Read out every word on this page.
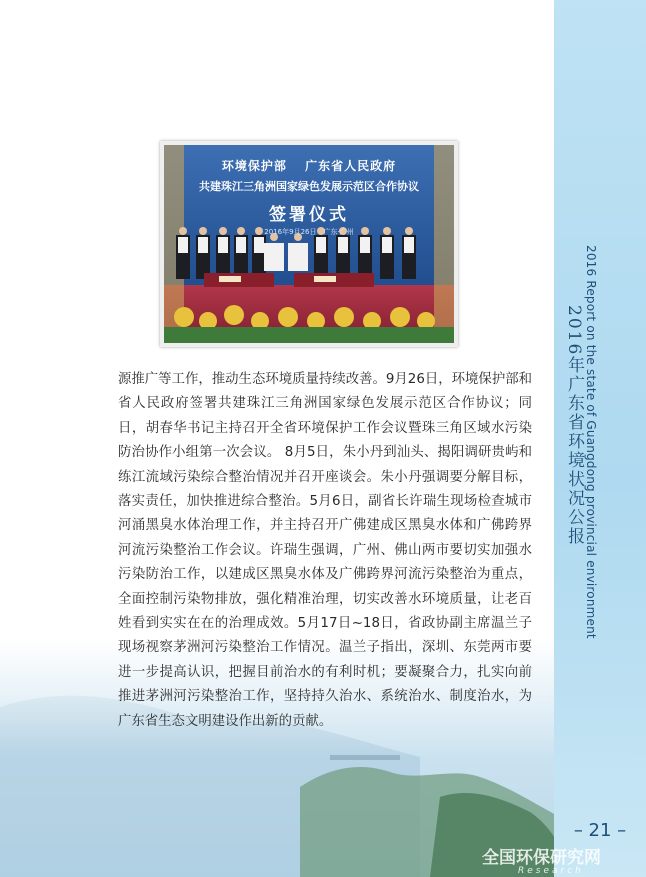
2016 Report on the state of Guangdong provincial environment
2016年广东省环境状况公报
– 21 –
全国环保研究网
Research
环境保护部　 广东省人民政府
共建珠江三角洲国家绿色发展示范区合作协议
签署仪式
2016年9月26日　广东·广州

源推广等工作，推动生态环境质量持续改善。9月26日，环境保护部和省人民政府签署共建珠江三角洲国家绿色发展示范区合作协议；同日，胡春华书记主持召开全省环境保护工作会议暨珠三角区域水污染防治协作小组第一次会议。 8月5日，朱小丹到汕头、揭阳调研贵屿和练江流域污染综合整治情况并召开座谈会。朱小丹强调要分解目标，落实责任，加快推进综合整治。5月6日，副省长许瑞生现场检查城市河涌黑臭水体治理工作，并主持召开广佛建成区黑臭水体和广佛跨界河流污染整治工作会议。许瑞生强调，广州、佛山两市要切实加强水污染防治工作，以建成区黑臭水体及广佛跨界河流污染整治为重点，全面控制污染物排放，强化精准治理，切实改善水环境质量，让老百姓看到实实在在的治理成效。5月17日~18日，省政协副主席温兰子现场视察茅洲河污染整治工作情况。温兰子指出，深圳、东莞两市要进一步提高认识，把握目前治水的有利时机；要凝聚合力，扎实向前推进茅洲河污染整治工作，坚持持久治水、系统治水、制度治水，为广东省生态文明建设作出新的贡献。
